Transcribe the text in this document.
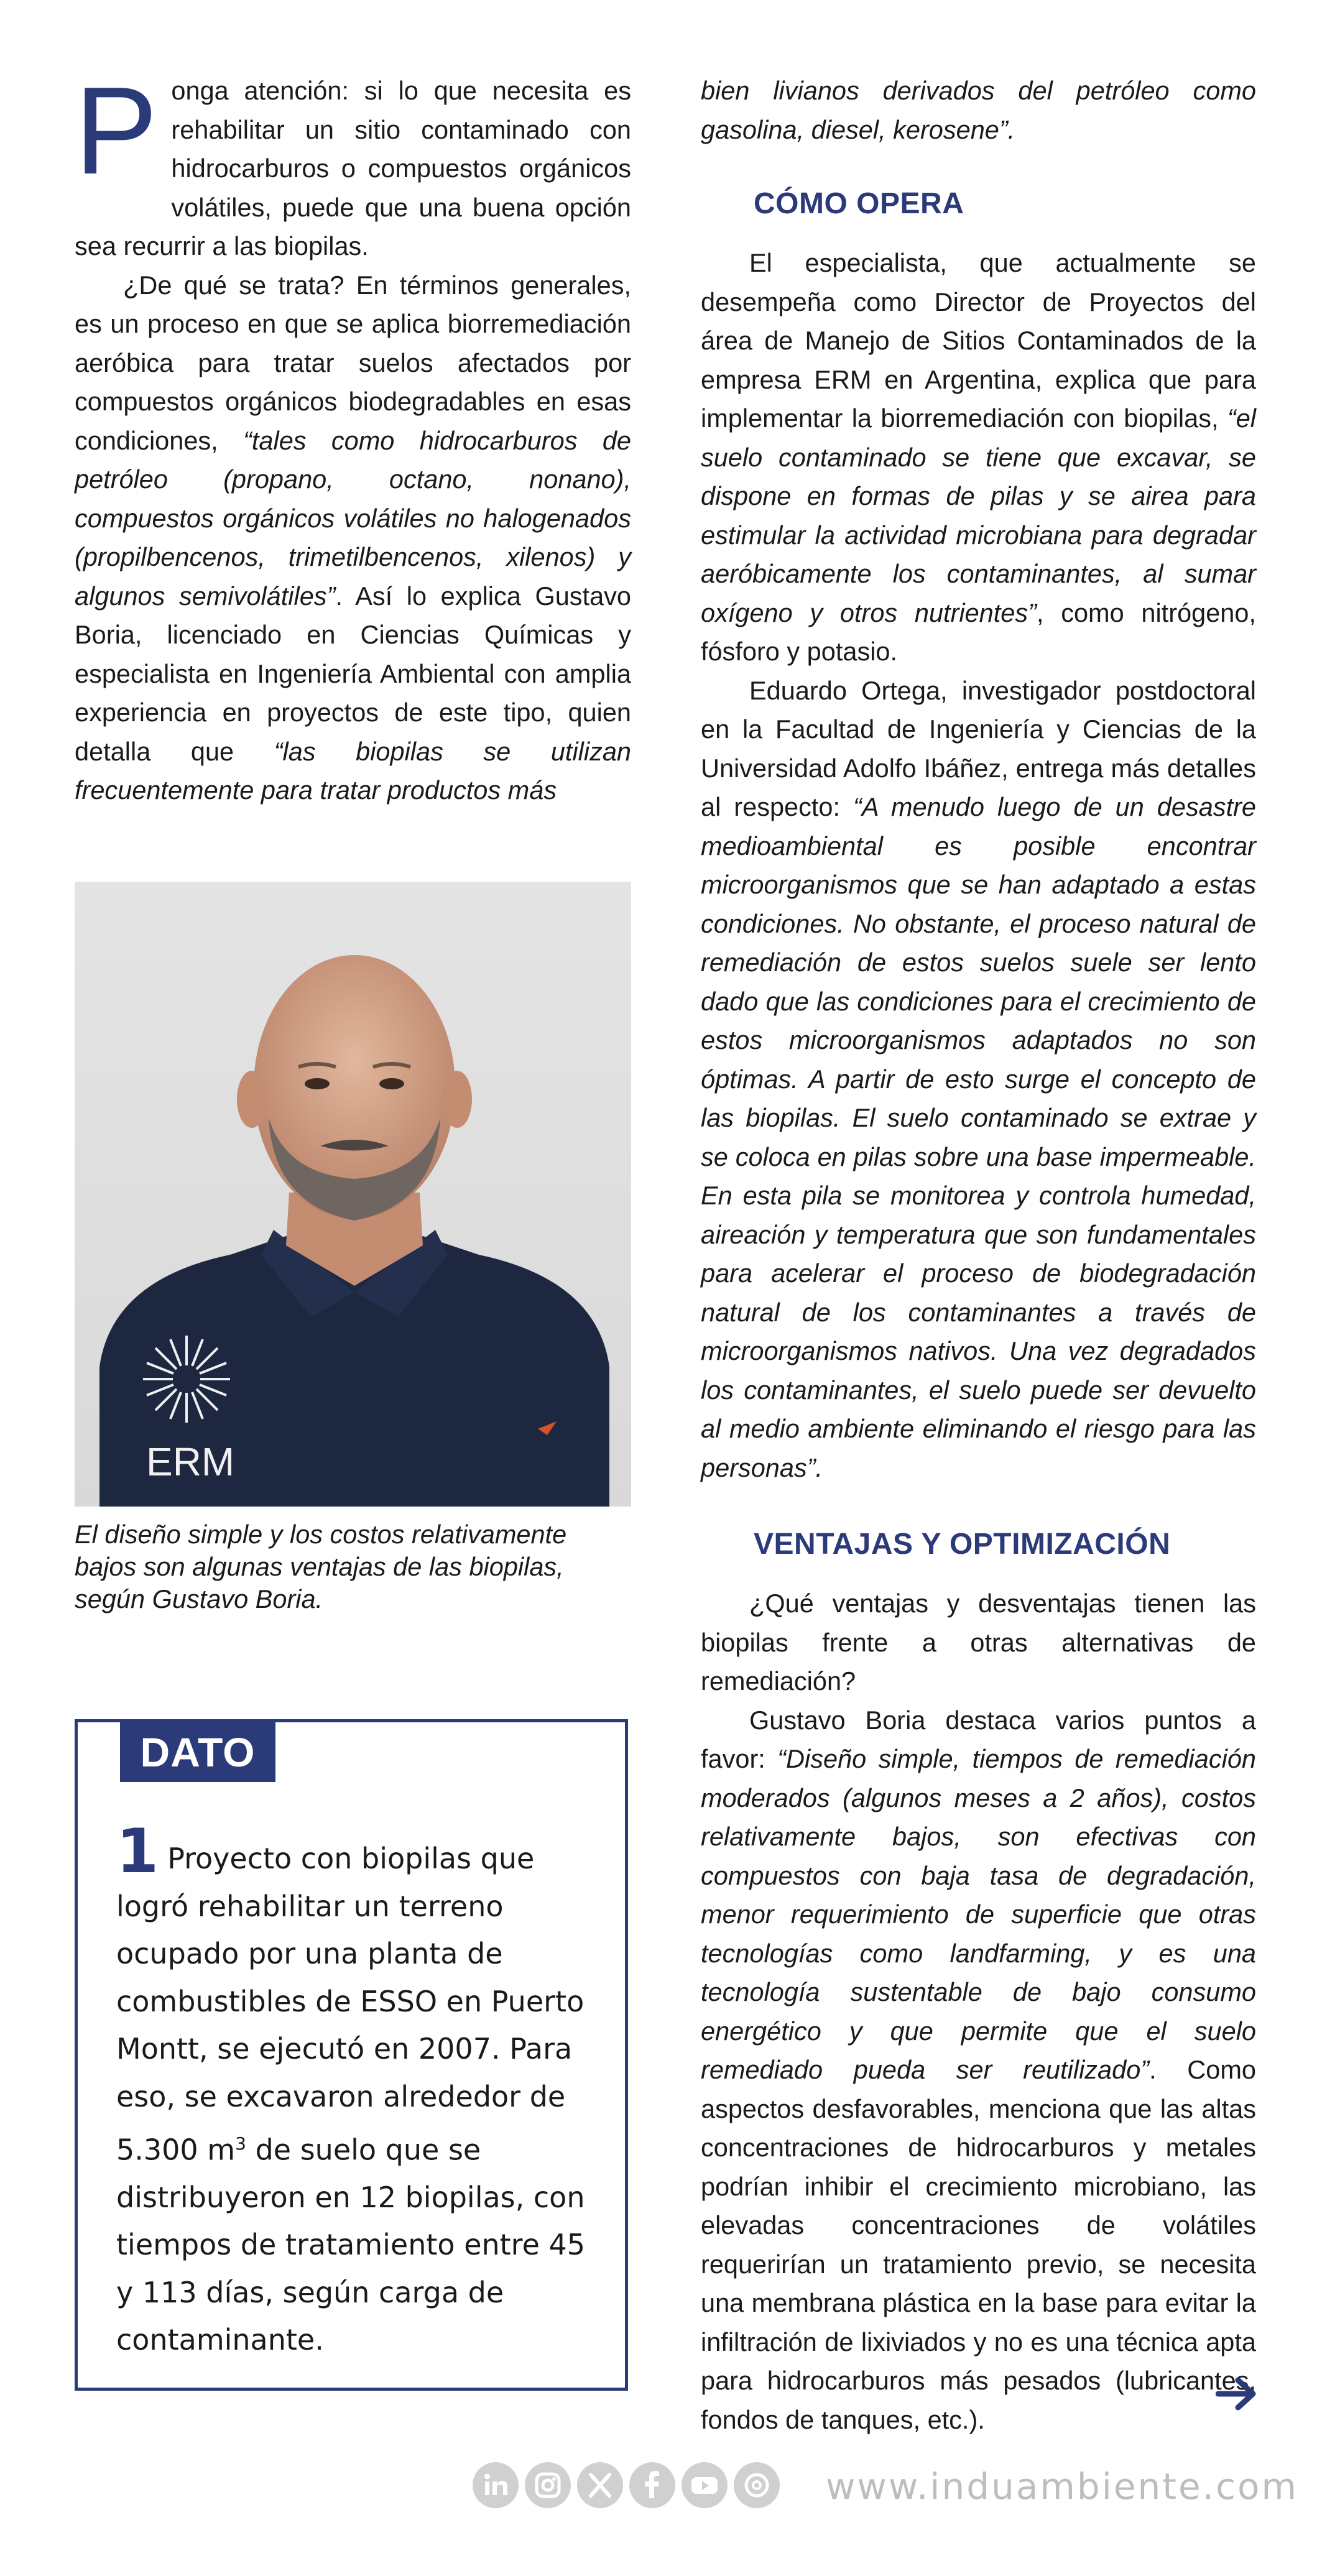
Ponga atención: si lo que necesita es rehabilitar un sitio contaminado con hidrocarburos o compuestos orgánicos volátiles, puede que una buena opción sea recurrir a las biopilas.

¿De qué se trata? En términos generales, es un proceso en que se aplica biorremediación aeróbica para tratar suelos afectados por compuestos orgánicos biodegradables en esas condiciones, “tales como hidrocarburos de petróleo (propano, octano, nonano), compuestos orgánicos volátiles no halogenados (propilbencenos, trimetilbencenos, xilenos) y algunos semivolátiles”. Así lo explica Gustavo Boria, licenciado en Ciencias Químicas y especialista en Ingeniería Ambiental con amplia experiencia en proyectos de este tipo, quien detalla que “las biopilas se utilizan frecuentemente para tratar productos más

ERM

El diseño simple y los costos relativamente bajos son algunas ventajas de las biopilas, según Gustavo Boria.

DATO

1 Proyecto con biopilas que logró rehabilitar un terreno ocupado por una planta de combustibles de ESSO en Puerto Montt, se ejecutó en 2007. Para eso, se excavaron alrededor de 5.300 $m^3$ de suelo que se distribuyeron en 12 biopilas, con tiempos de tratamiento entre 45 y 113 días, según carga de contaminante.

bien livianos derivados del petróleo como gasolina, diesel, kerosene”.

CÓMO OPERA

El especialista, que actualmente se desempeña como Director de Proyectos del área de Manejo de Sitios Contaminados de la empresa ERM en Argentina, explica que para implementar la biorremediación con biopilas, “el suelo contaminado se tiene que excavar, se dispone en formas de pilas y se airea para estimular la actividad microbiana para degradar aeróbicamente los contaminantes, al sumar oxígeno y otros nutrientes”, como nitrógeno, fósforo y potasio.

Eduardo Ortega, investigador postdoctoral en la Facultad de Ingeniería y Ciencias de la Universidad Adolfo Ibáñez, entrega más detalles al respecto: “A menudo luego de un desastre medioambiental es posible encontrar microorganismos que se han adaptado a estas condiciones. No obstante, el proceso natural de remediación de estos suelos suele ser lento dado que las condiciones para el crecimiento de estos microorganismos adaptados no son óptimas. A partir de esto surge el concepto de las biopilas. El suelo contaminado se extrae y se coloca en pilas sobre una base impermeable. En esta pila se monitorea y controla humedad, aireación y temperatura que son fundamentales para acelerar el proceso de biodegradación natural de los contaminantes a través de microorganismos nativos. Una vez degradados los contaminantes, el suelo puede ser devuelto al medio ambiente eliminando el riesgo para las personas”.

VENTAJAS Y OPTIMIZACIÓN

¿Qué ventajas y desventajas tienen las biopilas frente a otras alternativas de remediación?

Gustavo Boria destaca varios puntos a favor: “Diseño simple, tiempos de remediación moderados (algunos meses a 2 años), costos relativamente bajos, son efectivas con compuestos con baja tasa de degradación, menor requerimiento de superficie que otras tecnologías como landfarming, y es una tecnología sustentable de bajo consumo energético y que permite que el suelo remediado pueda ser reutilizado”. Como aspectos desfavorables, menciona que las altas concentraciones de hidrocarburos y metales podrían inhibir el crecimiento microbiano, las elevadas concentraciones de volátiles requerirían un tratamiento previo, se necesita una membrana plástica en la base para evitar la infiltración de lixiviados y no es una técnica apta para hidrocarburos más pesados (lubricantes, fondos de tanques, etc.).

www.induambiente.com
